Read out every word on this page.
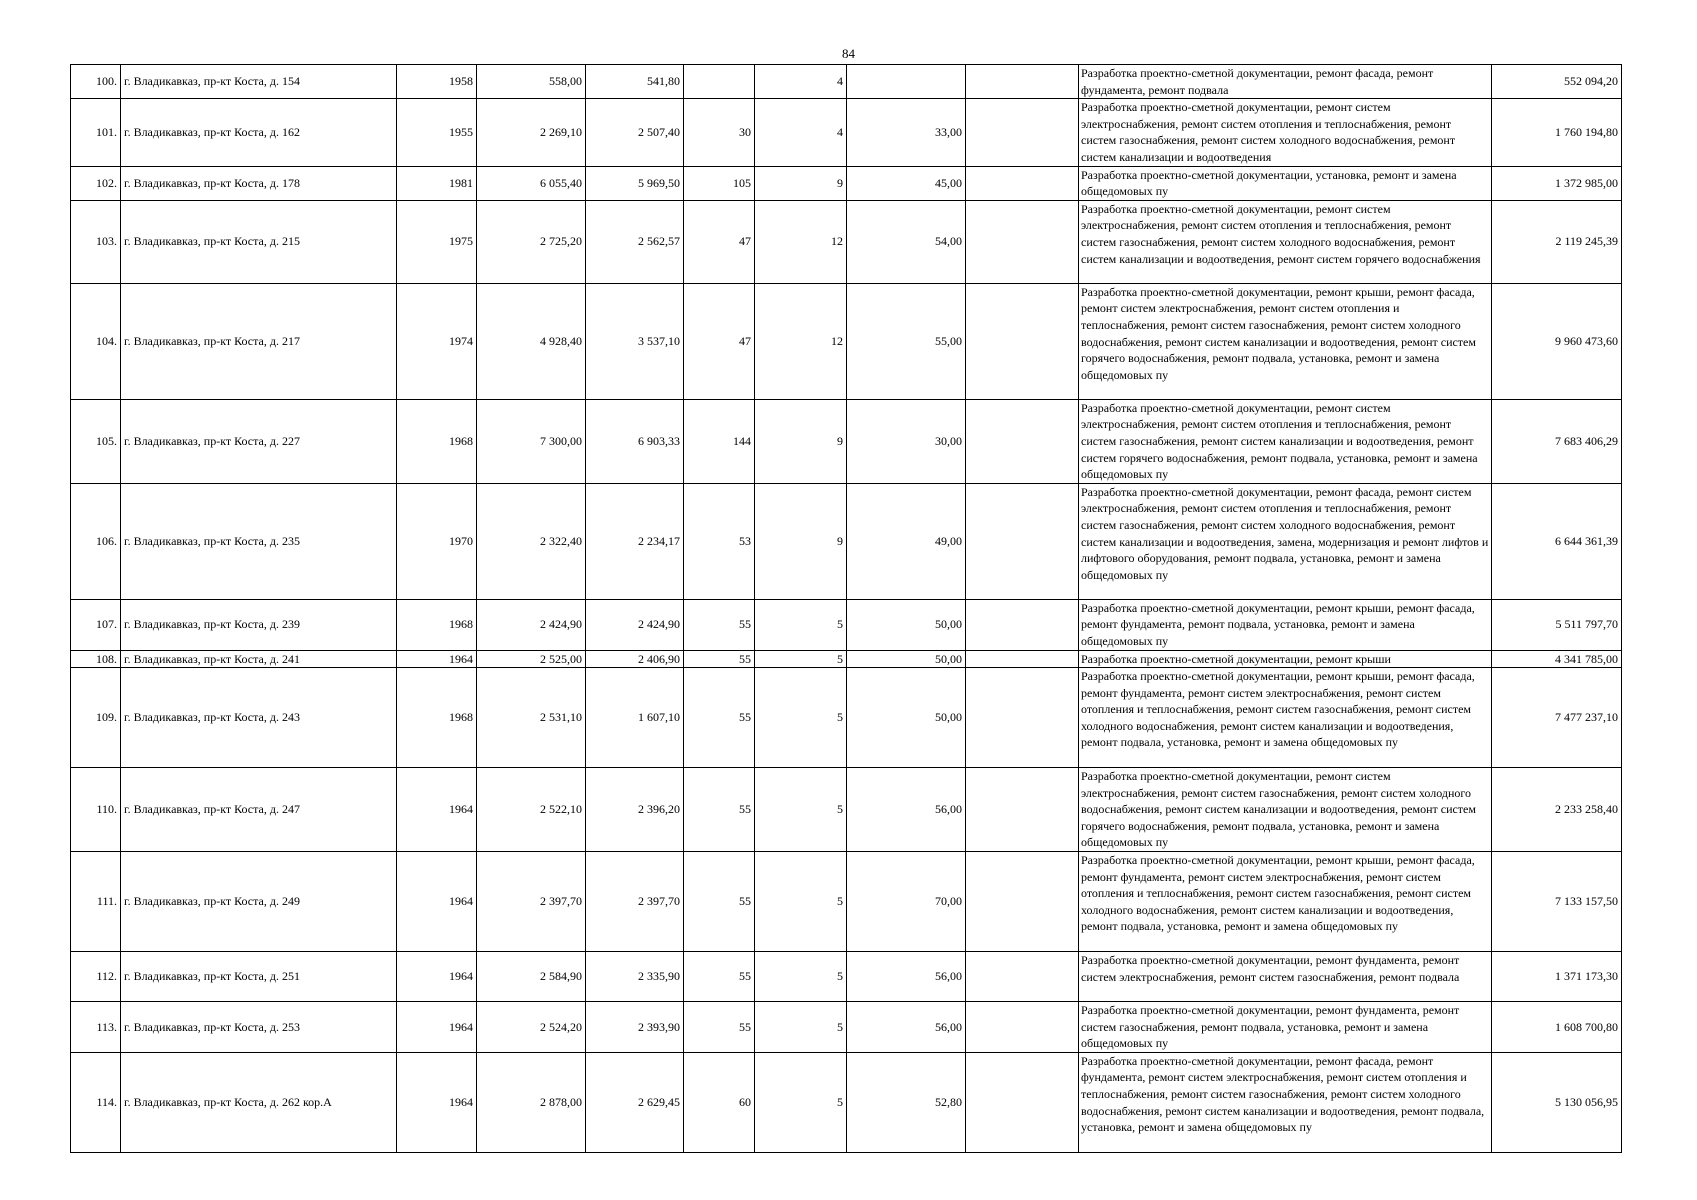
84
100.	г. Владикавказ, пр-кт Коста, д. 154	1958	558,00	541,80		4			Разработка проектно-сметной документации, ремонт фасада, ремонт фундамента, ремонт подвала	552 094,20
101.	г. Владикавказ, пр-кт Коста, д. 162	1955	2 269,10	2 507,40	30	4	33,00		Разработка проектно-сметной документации, ремонт систем электроснабжения, ремонт систем отопления и теплоснабжения, ремонт систем газоснабжения, ремонт систем холодного водоснабжения, ремонт систем канализации и водоотведения	1 760 194,80
102.	г. Владикавказ, пр-кт Коста, д. 178	1981	6 055,40	5 969,50	105	9	45,00		Разработка проектно-сметной документации, установка, ремонт и замена общедомовых пу	1 372 985,00
103.	г. Владикавказ, пр-кт Коста, д. 215	1975	2 725,20	2 562,57	47	12	54,00		Разработка проектно-сметной документации, ремонт систем электроснабжения, ремонт систем отопления и теплоснабжения, ремонт систем газоснабжения, ремонт систем холодного водоснабжения, ремонт систем канализации и водоотведения, ремонт систем горячего водоснабжения	2 119 245,39
104.	г. Владикавказ, пр-кт Коста, д. 217	1974	4 928,40	3 537,10	47	12	55,00		Разработка проектно-сметной документации, ремонт крыши, ремонт фасада, ремонт систем электроснабжения, ремонт систем отопления и теплоснабжения, ремонт систем газоснабжения, ремонт систем холодного водоснабжения, ремонт систем канализации и водоотведения, ремонт систем горячего водоснабжения, ремонт подвала, установка, ремонт и замена общедомовых пу	9 960 473,60
105.	г. Владикавказ, пр-кт Коста, д. 227	1968	7 300,00	6 903,33	144	9	30,00		Разработка проектно-сметной документации, ремонт систем электроснабжения, ремонт систем отопления и теплоснабжения, ремонт систем газоснабжения, ремонт систем канализации и водоотведения, ремонт систем горячего водоснабжения, ремонт подвала, установка, ремонт и замена общедомовых пу	7 683 406,29
106.	г. Владикавказ, пр-кт Коста, д. 235	1970	2 322,40	2 234,17	53	9	49,00		Разработка проектно-сметной документации, ремонт фасада, ремонт систем электроснабжения, ремонт систем отопления и теплоснабжения, ремонт систем газоснабжения, ремонт систем холодного водоснабжения, ремонт систем канализации и водоотведения, замена, модернизация и ремонт лифтов и лифтового оборудования, ремонт подвала, установка, ремонт и замена общедомовых пу	6 644 361,39
107.	г. Владикавказ, пр-кт Коста, д. 239	1968	2 424,90	2 424,90	55	5	50,00		Разработка проектно-сметной документации, ремонт крыши, ремонт фасада, ремонт фундамента, ремонт подвала, установка, ремонт и замена общедомовых пу	5 511 797,70
108.	г. Владикавказ, пр-кт Коста, д. 241	1964	2 525,00	2 406,90	55	5	50,00		Разработка проектно-сметной документации, ремонт крыши	4 341 785,00
109.	г. Владикавказ, пр-кт Коста, д. 243	1968	2 531,10	1 607,10	55	5	50,00		Разработка проектно-сметной документации, ремонт крыши, ремонт фасада, ремонт фундамента, ремонт систем электроснабжения, ремонт систем отопления и теплоснабжения, ремонт систем газоснабжения, ремонт систем холодного водоснабжения, ремонт систем канализации и водоотведения, ремонт подвала, установка, ремонт и замена общедомовых пу	7 477 237,10
110.	г. Владикавказ, пр-кт Коста, д. 247	1964	2 522,10	2 396,20	55	5	56,00		Разработка проектно-сметной документации, ремонт систем электроснабжения, ремонт систем газоснабжения, ремонт систем холодного водоснабжения, ремонт систем канализации и водоотведения, ремонт систем горячего водоснабжения, ремонт подвала, установка, ремонт и замена общедомовых пу	2 233 258,40
111.	г. Владикавказ, пр-кт Коста, д. 249	1964	2 397,70	2 397,70	55	5	70,00		Разработка проектно-сметной документации, ремонт крыши, ремонт фасада, ремонт фундамента, ремонт систем электроснабжения, ремонт систем отопления и теплоснабжения, ремонт систем газоснабжения, ремонт систем холодного водоснабжения, ремонт систем канализации и водоотведения, ремонт подвала, установка, ремонт и замена общедомовых пу	7 133 157,50
112.	г. Владикавказ, пр-кт Коста, д. 251	1964	2 584,90	2 335,90	55	5	56,00		Разработка проектно-сметной документации, ремонт фундамента, ремонт систем электроснабжения, ремонт систем газоснабжения, ремонт подвала	1 371 173,30
113.	г. Владикавказ, пр-кт Коста, д. 253	1964	2 524,20	2 393,90	55	5	56,00		Разработка проектно-сметной документации, ремонт фундамента, ремонт систем газоснабжения, ремонт подвала, установка, ремонт и замена общедомовых пу	1 608 700,80
114.	г. Владикавказ, пр-кт Коста, д. 262 кор.А	1964	2 878,00	2 629,45	60	5	52,80		Разработка проектно-сметной документации, ремонт фасада, ремонт фундамента, ремонт систем электроснабжения, ремонт систем отопления и теплоснабжения, ремонт систем газоснабжения, ремонт систем холодного водоснабжения, ремонт систем канализации и водоотведения, ремонт подвала, установка, ремонт и замена общедомовых пу	5 130 056,95
